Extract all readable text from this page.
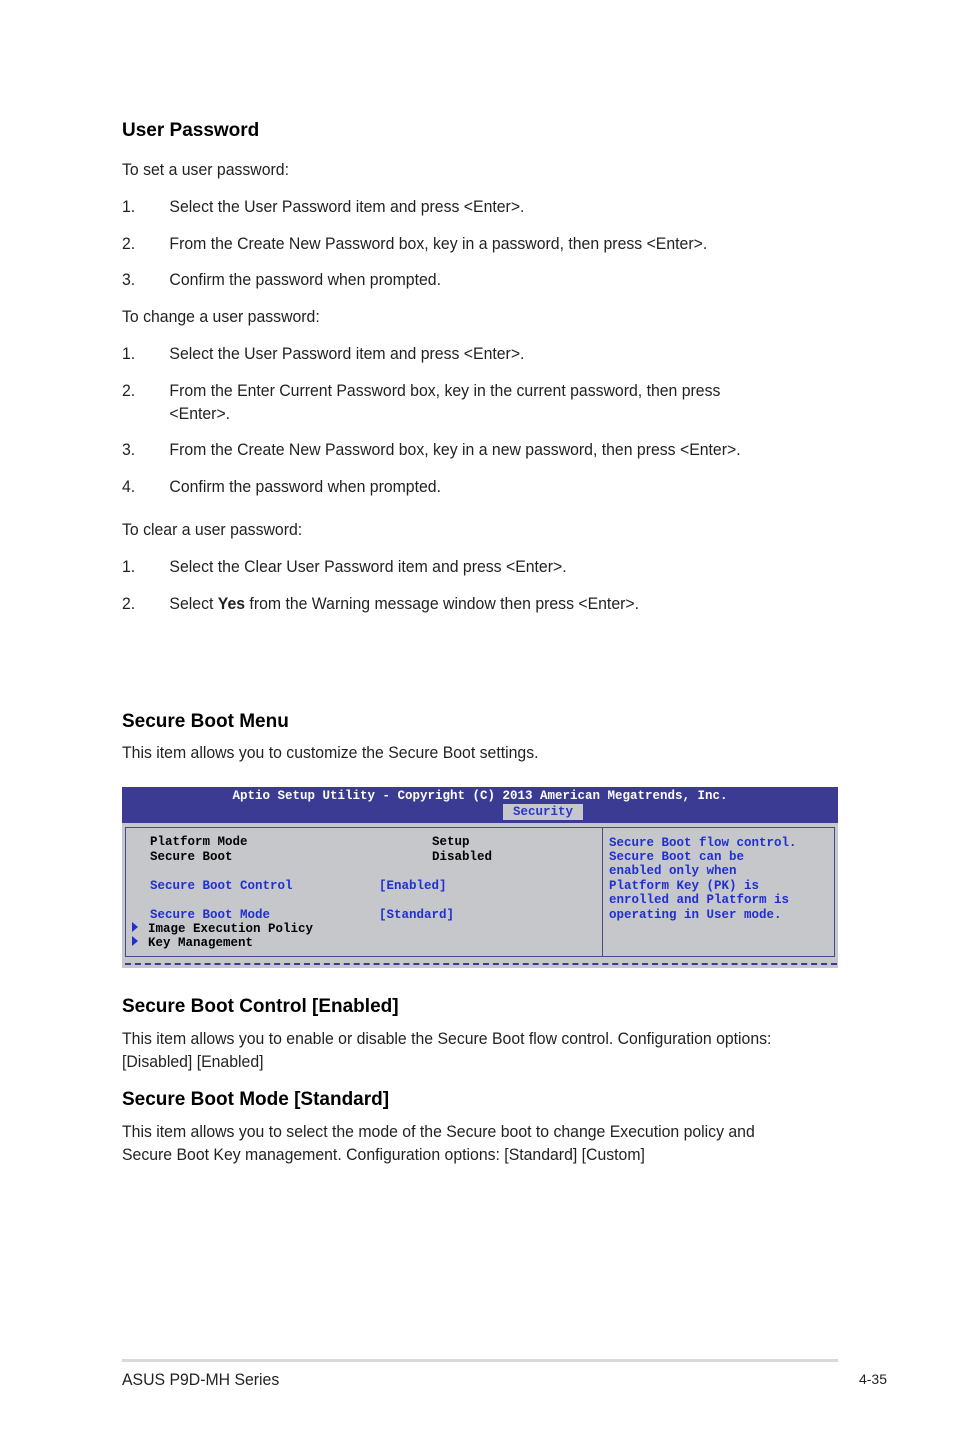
User Password
To set a user password:
1. Select the User Password item and press <Enter>.
2. From the Create New Password box, key in a password, then press <Enter>.
3. Confirm the password when prompted.
To change a user password:
1. Select the User Password item and press <Enter>.
2. From the Enter Current Password box, key in the current password, then press
<Enter>.
3. From the Create New Password box, key in a new password, then press <Enter>.
4. Confirm the password when prompted.
To clear a user password:
1. Select the Clear User Password item and press <Enter>.
2. Select Yes from the Warning message window then press <Enter>.
Secure Boot Menu
This item allows you to customize the Secure Boot settings.
Aptio Setup Utility - Copyright (C) 2013 American Megatrends, Inc.
Security
Platform Mode	Setup
Secure Boot	Disabled
Secure Boot Control	[Enabled]
Secure Boot Mode	[Standard]
Image Execution Policy
Key Management
Secure Boot flow control.
Secure Boot can be
enabled only when
Platform Key (PK) is
enrolled and Platform is
operating in User mode.
Secure Boot Control [Enabled]
This item allows you to enable or disable the Secure Boot flow control. Configuration options:
[Disabled] [Enabled]
Secure Boot Mode [Standard]
This item allows you to select the mode of the Secure boot to change Execution policy and
Secure Boot Key management. Configuration options: [Standard] [Custom]
ASUS P9D-MH Series	4-35
